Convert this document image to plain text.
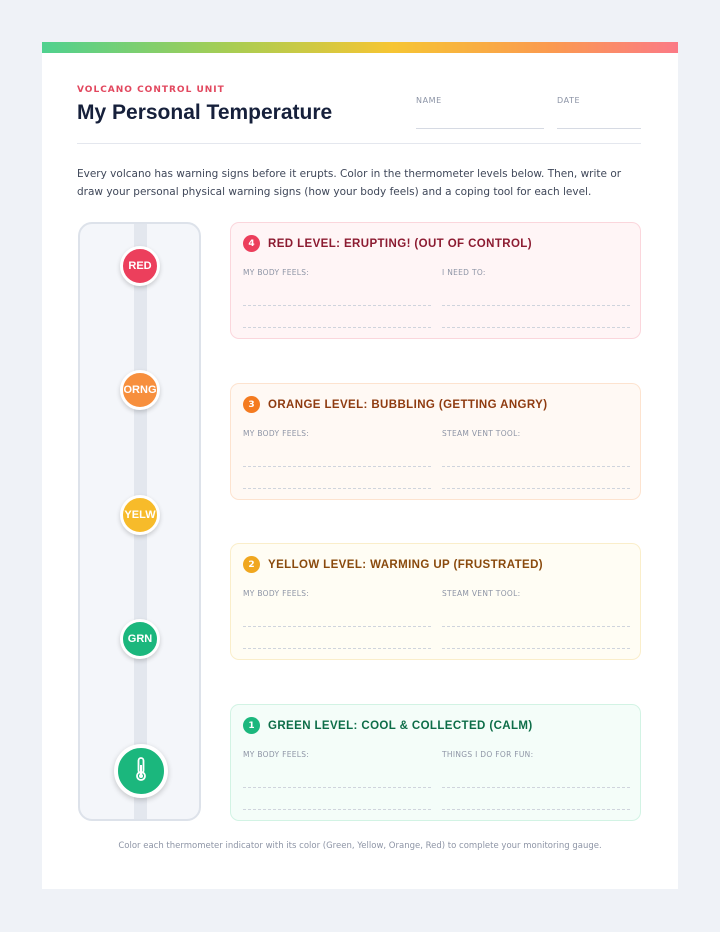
VOLCANO CONTROL UNIT
My Personal Temperature
NAME	DATE
Every volcano has warning signs before it erupts. Color in the thermometer levels below. Then, write or draw your personal physical warning signs (how your body feels) and a coping tool for each level.
RED
ORNG
YELW
GRN
4	RED LEVEL: ERUPTING! (OUT OF CONTROL)
MY BODY FEELS:	I NEED TO:
3	ORANGE LEVEL: BUBBLING (GETTING ANGRY)
MY BODY FEELS:	STEAM VENT TOOL:
2	YELLOW LEVEL: WARMING UP (FRUSTRATED)
MY BODY FEELS:	STEAM VENT TOOL:
1	GREEN LEVEL: COOL & COLLECTED (CALM)
MY BODY FEELS:	THINGS I DO FOR FUN:
Color each thermometer indicator with its color (Green, Yellow, Orange, Red) to complete your monitoring gauge.
